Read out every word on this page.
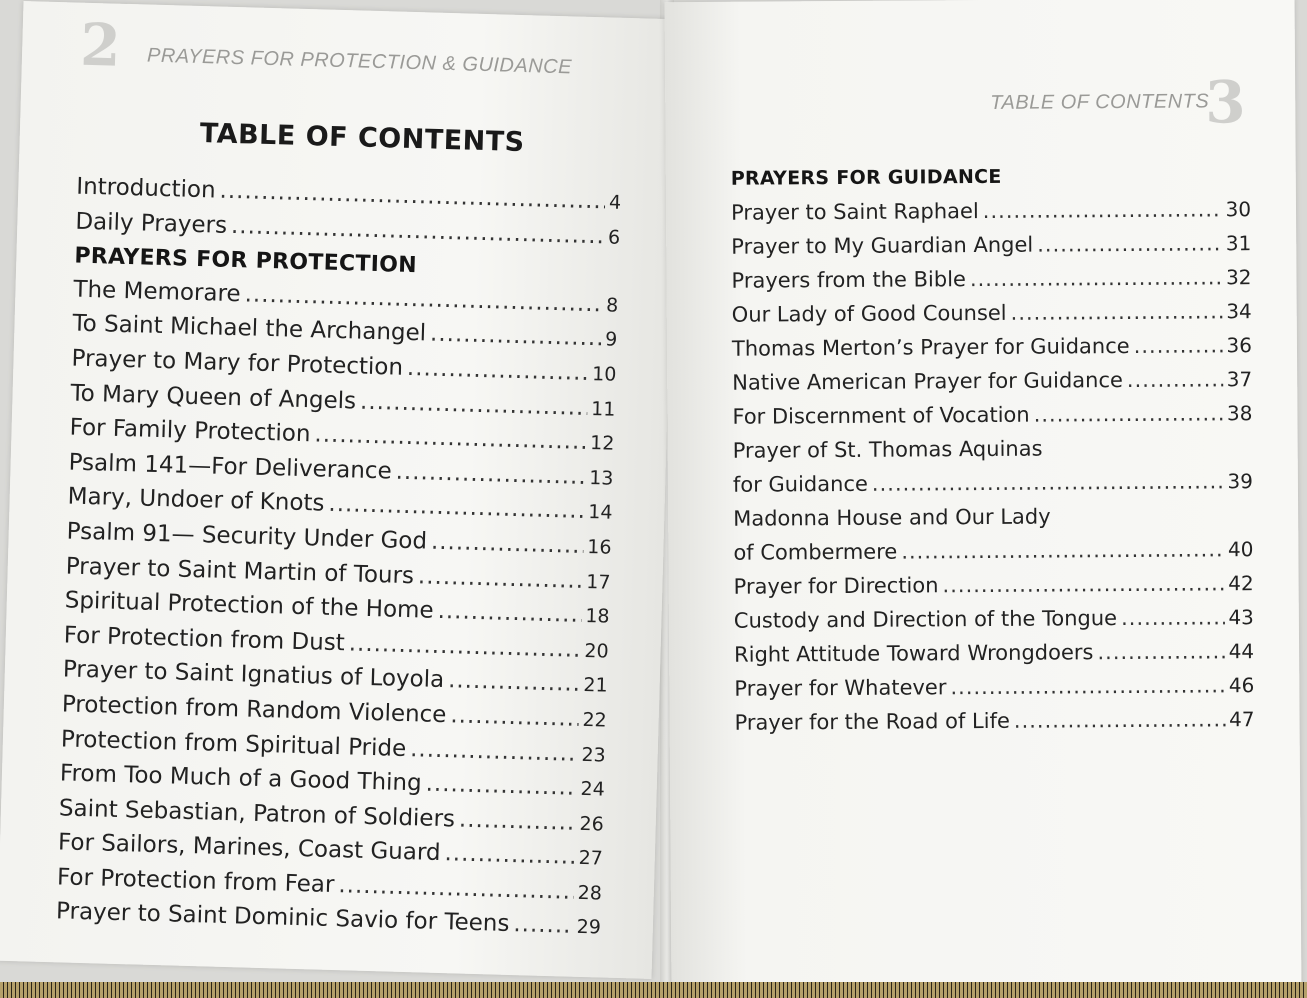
2 PRAYERS FOR PROTECTION & GUIDANCE
TABLE OF CONTENTS
Introduction .....	4
Daily Prayers .....	6
PRAYERS FOR PROTECTION
The Memorare .....	8
To Saint Michael the Archangel .....	9
Prayer to Mary for Protection .....	10
To Mary Queen of Angels .....	11
For Family Protection .....	12
Psalm 141—For Deliverance .....	13
Mary, Undoer of Knots .....	14
Psalm 91— Security Under God .....	16
Prayer to Saint Martin of Tours .....	17
Spiritual Protection of the Home .....	18
For Protection from Dust .....	20
Prayer to Saint Ignatius of Loyola .....	21
Protection from Random Violence .....	22
Protection from Spiritual Pride .....	23
From Too Much of a Good Thing .....	24
Saint Sebastian, Patron of Soldiers .....	26
For Sailors, Marines, Coast Guard .....	27
For Protection from Fear .....	28
Prayer to Saint Dominic Savio for Teens .....	29
TABLE OF CONTENTS
3
PRAYERS FOR GUIDANCE
Prayer to Saint Raphael .....	30
Prayer to My Guardian Angel .....	31
Prayers from the Bible .....	32
Our Lady of Good Counsel .....	34
Thomas Merton’s Prayer for Guidance .....	36
Native American Prayer for Guidance .....	37
For Discernment of Vocation .....	38
Prayer of St. Thomas Aquinas
for Guidance .....	39
Madonna House and Our Lady
of Combermere .....	40
Prayer for Direction .....	42
Custody and Direction of the Tongue .....	43
Right Attitude Toward Wrongdoers .....	44
Prayer for Whatever .....	46
Prayer for the Road of Life .....	47
